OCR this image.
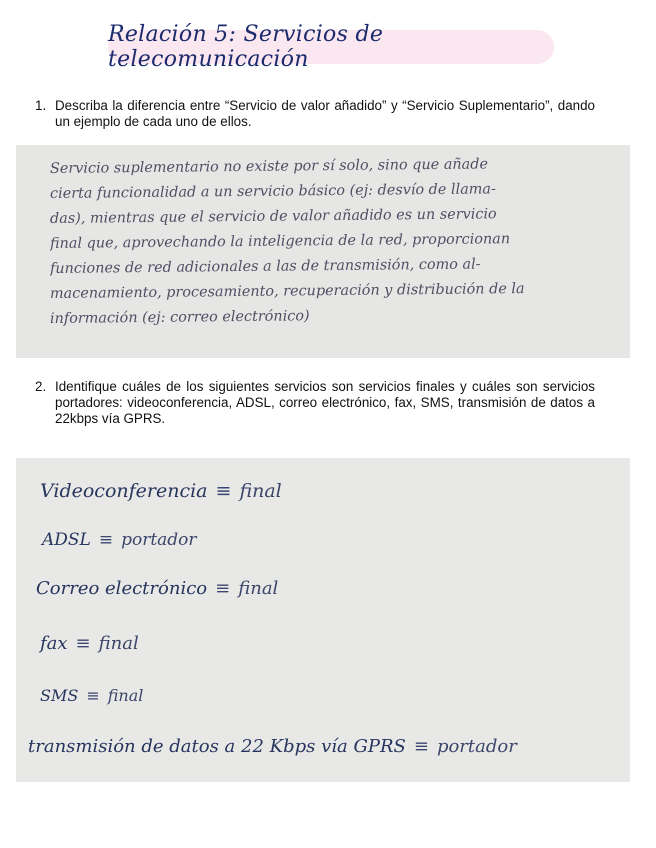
Relación 5: Servicios de telecomunicación
1. Describa la diferencia entre “Servicio de valor añadido” y “Servicio Suplementario”, dando un ejemplo de cada uno de ellos.
Servicio suplementario no existe por sí solo, sino que añade
cierta funcionalidad a un servicio básico (ej: desvío de llama-
das), mientras que el servicio de valor añadido es un servicio
final que, aprovechando la inteligencia de la red, proporcionan
funciones de red adicionales a las de transmisión, como al-
macenamiento, procesamiento, recuperación y distribución de la
información (ej: correo electrónico)
2. Identifique cuáles de los siguientes servicios son servicios finales y cuáles son servicios portadores: videoconferencia, ADSL, correo electrónico, fax, SMS, transmisión de datos a 22kbps vía GPRS.
Videoconferencia ≡ final
ADSL ≡ portador
Correo electrónico ≡ final
fax ≡ final
SMS ≡ final
transmisión de datos a 22 Kbps vía GPRS ≡ portador
